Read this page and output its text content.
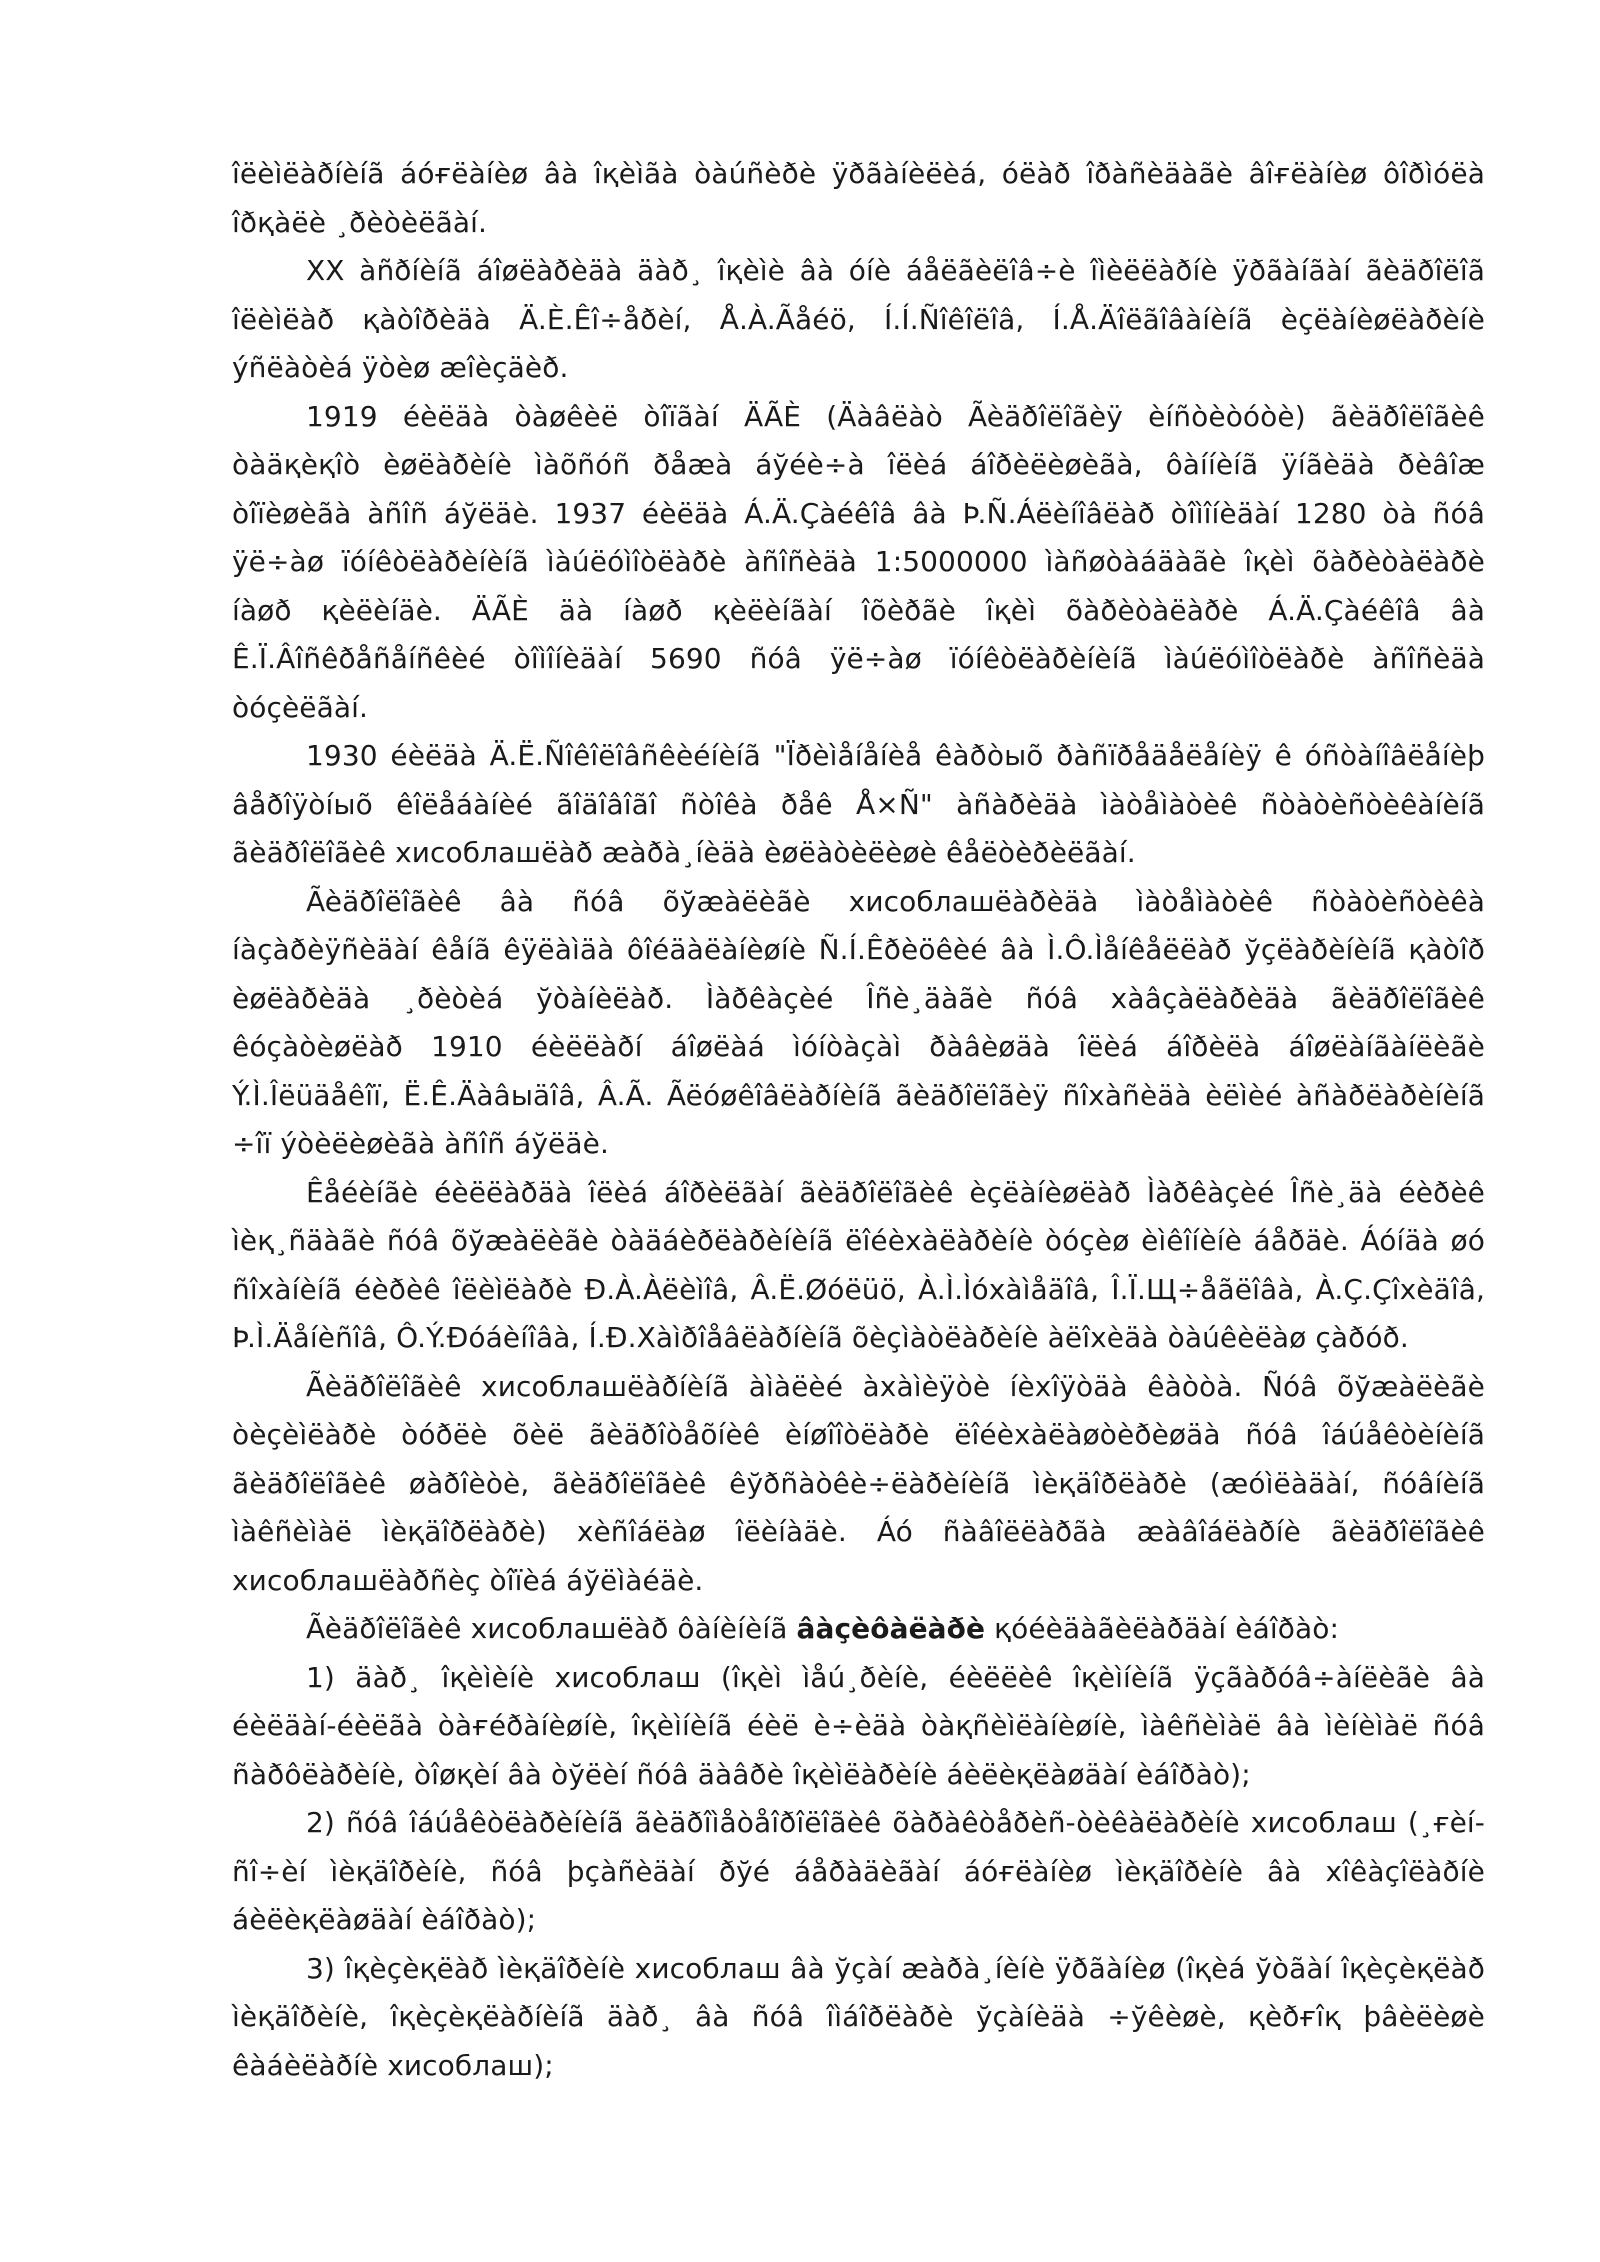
îëèìëàðíèíã áóғëàíèø âà îқèìãà òàúñèðè ÿðãàíèëèá, óëàð îðàñèäàãè âîғëàíèø ôîðìóëà îðқàëè ¸ðèòèëãàí.

XX àñðíèíã áîøëàðèäà äàð¸ îқèìè âà óíè áåëãèëîâ÷è îìèëëàðíè ÿðãàíãàí ãèäðîëîã îëèìëàð қàòîðèäà Ä.È.Êî÷åðèí, Å.À.Ãåéö, Í.Í.Ñîêîëîâ, Í.Å.Äîëãîâàíèíã èçëàíèøëàðèíè ýñëàòèá ÿòèø æîèçäèð.

1919 éèëäà òàøêèë òîïãàí ÄÃÈ (Äàâëàò Ãèäðîëîãèÿ èíñòèòóòè) ãèäðîëîãèê òàäқèқîò èøëàðèíè ìàõñóñ ðåæà áўéè÷à îëèá áîðèëèøèãà, ôàííèíã ÿíãèäà ðèâîæ òîïèøèãà àñîñ áўëäè. 1937 éèëäà Á.Ä.Çàéêîâ âà Þ.Ñ.Áëèíîâëàð òîìîíèäàí 1280 òà ñóâ ÿë÷àø ïóíêòëàðèíèíã ìàúëóìîòëàðè àñîñèäà 1:5000000 ìàñøòàáäàãè îқèì õàðèòàëàðè íàøð қèëèíäè. ÄÃÈ äà íàøð қèëèíãàí îõèðãè îқèì õàðèòàëàðè Á.Ä.Çàéêîâ âà Ê.Ï.Âîñêðåñåíñêèé òîìîíèäàí 5690 ñóâ ÿë÷àø ïóíêòëàðèíèíã ìàúëóìîòëàðè àñîñèäà òóçèëãàí.

1930 éèëäà Ä.Ë.Ñîêîëîâñêèéíèíã "Ïðèìåíåíèå êàðòыõ ðàñïðåäåëåíèÿ ê óñòàíîâëåíèþ âåðîÿòíыõ êîëåáàíèé ãîäîâîãî ñòîêà ðåê Å×Ñ" àñàðèäà ìàòåìàòèê ñòàòèñòèêàíèíã ãèäðîëîãèê хисоблашëàð æàðà¸íèäà èøëàòèëèøè êåëòèðèëãàí.

Ãèäðîëîãèê âà ñóâ õўæàëèãè хисоблашëàðèäà ìàòåìàòèê ñòàòèñòèêà íàçàðèÿñèäàí êåíã êÿëàìäà ôîéäàëàíèøíè Ñ.Í.Êðèöêèé âà Ì.Ô.Ìåíêåëëàð ўçëàðèíèíã қàòîð èøëàðèäà ¸ðèòèá ўòàíèëàð. Ìàðêàçèé Îñè¸äàãè ñóâ хàâçàëàðèäà ãèäðîëîãèê êóçàòèøëàð 1910 éèëëàðí áîøëàá ìóíòàçàì ðàâèøäà îëèá áîðèëà áîøëàíãàíëèãè Ý.Ì.Îëüäåêîï, Ë.Ê.Äàâыäîâ, Â.Ã. Ãëóøêîâëàðíèíã ãèäðîëîãèÿ ñîхàñèäà èëìèé àñàðëàðèíèíã ÷îï ýòèëèøèãà àñîñ áўëäè.

Êåéèíãè éèëëàðäà îëèá áîðèëãàí ãèäðîëîãèê èçëàíèøëàð Ìàðêàçèé Îñè¸äà éèðèê ìèқ¸ñäàãè ñóâ õўæàëèãè òàäáèðëàðèíèíã ëîéèхàëàðèíè òóçèø èìêîíèíè áåðäè. Áóíäà øó ñîхàíèíã éèðèê îëèìëàðè Ð.À.Àëèìîâ, Â.Ë.Øóëüö, À.Ì.Ìóхàìåäîâ, Î.Ï.Щ÷åãëîâà, À.Ç.Çîхèäîâ, Þ.Ì.Äåíèñîâ, Ô.Ý.Ðóáèíîâà, Í.Ð.Хàìðîåâëàðíèíã õèçìàòëàðèíè àëîхèäà òàúêèëàø çàðóð.

Ãèäðîëîãèê хисоблашëàðíèíã àìàëèé àхàìèÿòè íèхîÿòäà êàòòà. Ñóâ õўæàëèãè òèçèìëàðè òóðëè õèë ãèäðîòåõíèê èíøîîòëàðè ëîéèхàëàøòèðèøäà ñóâ îáúåêòèíèíã ãèäðîëîãèê øàðîèòè, ãèäðîëîãèê êўðñàòêè÷ëàðèíèíã ìèқäîðëàðè (æóìëàäàí, ñóâíèíã ìàêñèìàë ìèқäîðëàðè) хèñîáëàø îëèíàäè. Áó ñàâîëëàðãà æàâîáëàðíè ãèäðîëîãèê хисоблашëàðñèç òîïèá áўëìàéäè.

Ãèäðîëîãèê хисоблашëàð ôàíèíèíã âàçèôàëàðè қóéèäàãèëàðäàí èáîðàò:

1) äàð¸ îқèìèíè хисоблаш (îқèì ìåú¸ðèíè, éèëëèê îқèìíèíã ÿçãàðóâ÷àíëèãè âà éèëäàí-éèëãà òàғéðàíèøíè, îқèìíèíã éèë è÷èäà òàқñèìëàíèøíè, ìàêñèìàë âà ìèíèìàë ñóâ ñàðôëàðèíè, òîøқèí âà òўëèí ñóâ äàâðè îқèìëàðèíè áèëèқëàøäàí èáîðàò);

2) ñóâ îáúåêòëàðèíèíã ãèäðîìåòåîðîëîãèê õàðàêòåðèñ-òèêàëàðèíè хисоблаш (¸ғèí-ñî÷èí ìèқäîðèíè, ñóâ þçàñèäàí ðўé áåðàäèãàí áóғëàíèø ìèқäîðèíè âà хîêàçîëàðíè áèëèқëàøäàí èáîðàò);

3) îқèçèқëàð ìèқäîðèíè хисоблаш âà ўçàí æàðà¸íèíè ÿðãàíèø (îқèá ўòãàí îқèçèқëàð ìèқäîðèíè, îқèçèқëàðíèíã äàð¸ âà ñóâ îìáîðëàðè ўçàíèäà ÷ўêèøè, қèðғîқ þâèëèøè êàáèëàðíè хисоблаш);
